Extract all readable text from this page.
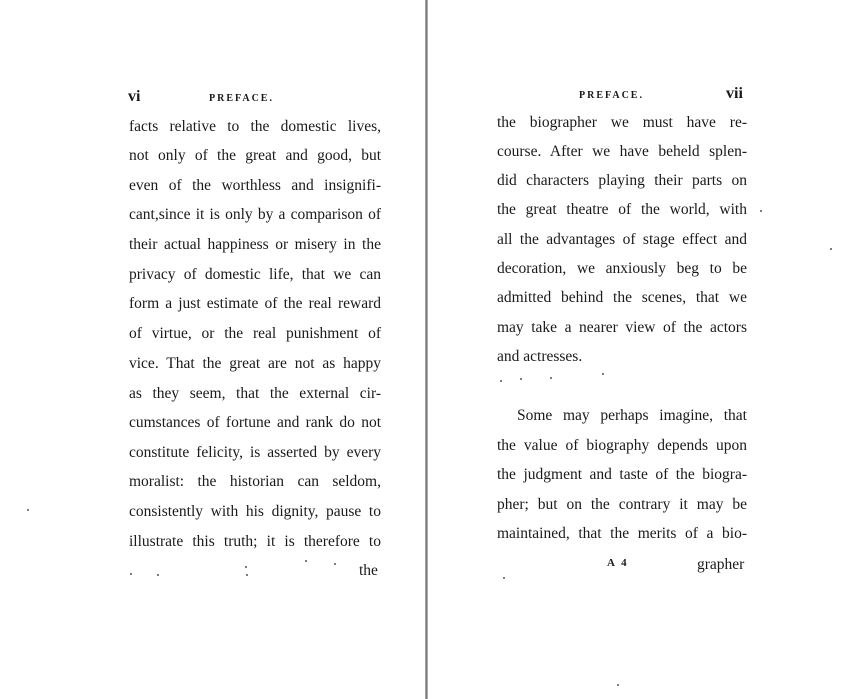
vi	PREFACE.
facts relative to the domestic lives,
not only of the great and good, but
even of the worthless and insignifi-
cant,since it is only by a comparison of
their actual happiness or misery in the
privacy of domestic life, that we can
form a just estimate of the real reward
of virtue, or the real punishment of
vice. That the great are not as happy
as they seem, that the external cir-
cumstances of fortune and rank do not
constitute felicity, is asserted by every
moralist: the historian can seldom,
consistently with his dignity, pause to
illustrate this truth; it is therefore to
the
PREFACE.	vii
the biographer we must have re-
course. After we have beheld splen-
did characters playing their parts on
the great theatre of the world, with
all the advantages of stage effect and
decoration, we anxiously beg to be
admitted behind the scenes, that we
may take a nearer view of the actors
and actresses.
Some may perhaps imagine, that
the value of biography depends upon
the judgment and taste of the biogra-
pher; but on the contrary it may be
maintained, that the merits of a bio-
A 4	grapher
